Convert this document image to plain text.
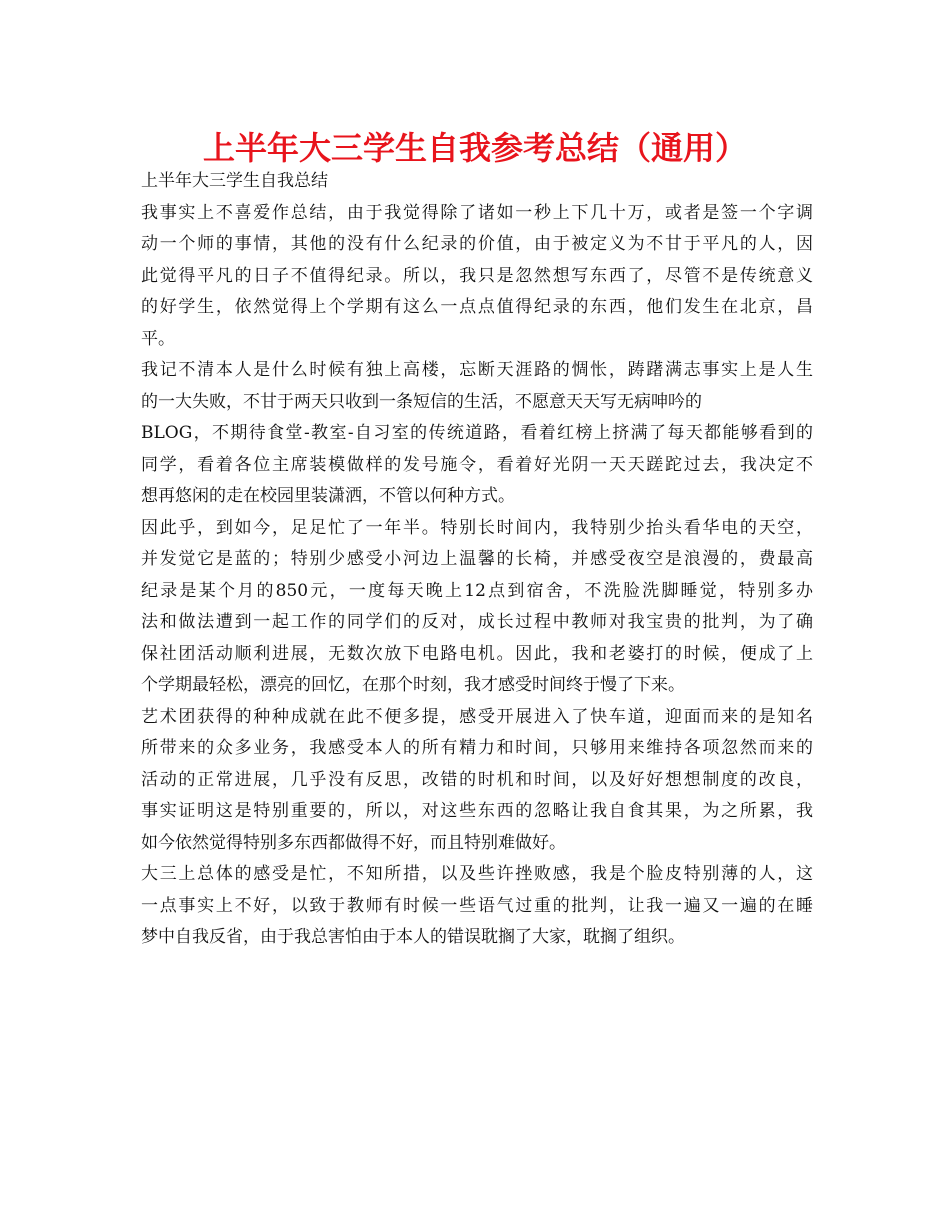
上半年大三学生自我参考总结（通用）
上半年大三学生自我总结
我事实上不喜爱作总结，由于我觉得除了诸如一秒上下几十万，或者是签一个字调
动一个师的事情，其他的没有什么纪录的价值，由于被定义为不甘于平凡的人，因
此觉得平凡的日子不值得纪录。所以，我只是忽然想写东西了，尽管不是传统意义
的好学生，依然觉得上个学期有这么一点点值得纪录的东西，他们发生在北京，昌
平。
我记不清本人是什么时候有独上高楼，忘断天涯路的惆怅，踌躇满志事实上是人生
的一大失败，不甘于两天只收到一条短信的生活，不愿意天天写无病呻吟的
BLOG，不期待食堂-教室-自习室的传统道路，看着红榜上挤满了每天都能够看到的
同学，看着各位主席装模做样的发号施令，看着好光阴一天天蹉跎过去，我决定不
想再悠闲的走在校园里装潇洒，不管以何种方式。
因此乎，到如今，足足忙了一年半。特别长时间内，我特别少抬头看华电的天空，
并发觉它是蓝的；特别少感受小河边上温馨的长椅，并感受夜空是浪漫的，费最高
纪录是某个月的850元，一度每天晚上12点到宿舍，不洗脸洗脚睡觉，特别多办
法和做法遭到一起工作的同学们的反对，成长过程中教师对我宝贵的批判，为了确
保社团活动顺利进展，无数次放下电路电机。因此，我和老婆打的时候，便成了上
个学期最轻松，漂亮的回忆，在那个时刻，我才感受时间终于慢了下来。
艺术团获得的种种成就在此不便多提，感受开展进入了快车道，迎面而来的是知名
所带来的众多业务，我感受本人的所有精力和时间，只够用来维持各项忽然而来的
活动的正常进展，几乎没有反思，改错的时机和时间，以及好好想想制度的改良，
事实证明这是特别重要的，所以，对这些东西的忽略让我自食其果，为之所累，我
如今依然觉得特别多东西都做得不好，而且特别难做好。
大三上总体的感受是忙，不知所措，以及些许挫败感，我是个脸皮特别薄的人，这
一点事实上不好，以致于教师有时候一些语气过重的批判，让我一遍又一遍的在睡
梦中自我反省，由于我总害怕由于本人的错误耽搁了大家，耽搁了组织。
